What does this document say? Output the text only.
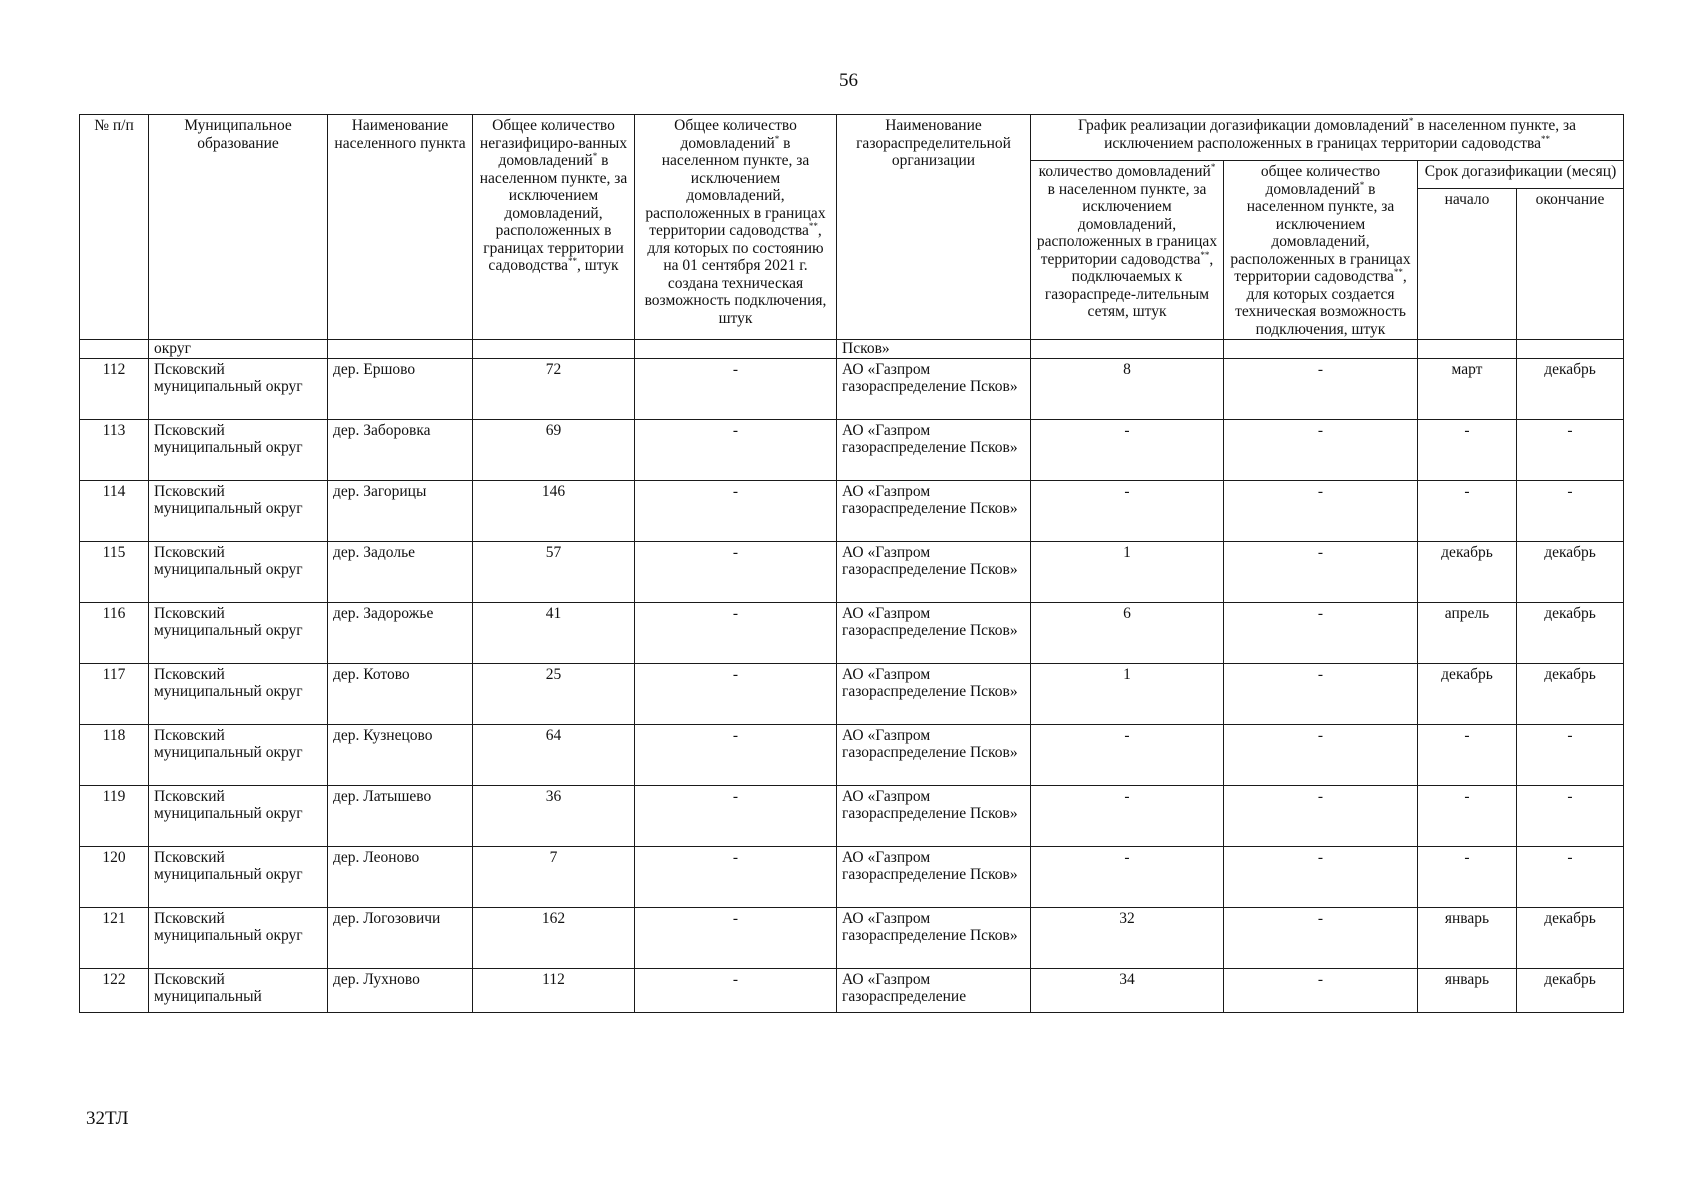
56
№ п/п	Муниципальное образование	Наименование населенного пункта	Общее количество негазифициро-ванных домовладений* в населенном пункте, за исключением домовладений, расположенных в границах территории садоводства**, штук	Общее количество домовладений* в населенном пункте, за исключением домовладений, расположенных в границах территории садоводства**, для которых по состоянию на 01 сентября 2021 г. создана техническая возможность подключения, штук	Наименование газораспределительной организации	График реализации догазификации домовладений* в населенном пункте, за исключением расположенных в границах территории садоводства**
						количество домовладений* в населенном пункте, за исключением домовладений, расположенных в границах территории садоводства**, подключаемых к газораспреде-лительным сетям, штук	общее количество домовладений* в населенном пункте, за исключением домовладений, расположенных в границах территории садоводства**, для которых создается техническая возможность подключения, штук	Срок догазификации (месяц)	
								начало	окончание
	округ				Псков»				
112	Псковский муниципальный округ	дер. Ершово	72	-	АО «Газпром газораспределение Псков»	8	-	март	декабрь
113	Псковский муниципальный округ	дер. Заборовка	69	-	АО «Газпром газораспределение Псков»	-	-	-	-
114	Псковский муниципальный округ	дер. Загорицы	146	-	АО «Газпром газораспределение Псков»	-	-	-	-
115	Псковский муниципальный округ	дер. Задолье	57	-	АО «Газпром газораспределение Псков»	1	-	декабрь	декабрь
116	Псковский муниципальный округ	дер. Задорожье	41	-	АО «Газпром газораспределение Псков»	6	-	апрель	декабрь
117	Псковский муниципальный округ	дер. Котово	25	-	АО «Газпром газораспределение Псков»	1	-	декабрь	декабрь
118	Псковский муниципальный округ	дер. Кузнецово	64	-	АО «Газпром газораспределение Псков»	-	-	-	-
119	Псковский муниципальный округ	дер. Латышево	36	-	АО «Газпром газораспределение Псков»	-	-	-	-
120	Псковский муниципальный округ	дер. Леоново	7	-	АО «Газпром газораспределение Псков»	-	-	-	-
121	Псковский муниципальный округ	дер. Логозовичи	162	-	АО «Газпром газораспределение Псков»	32	-	январь	декабрь
122	Псковский муниципальный	дер. Лухново	112	-	АО «Газпром газораспределение	34	-	январь	декабрь
32ТЛ
